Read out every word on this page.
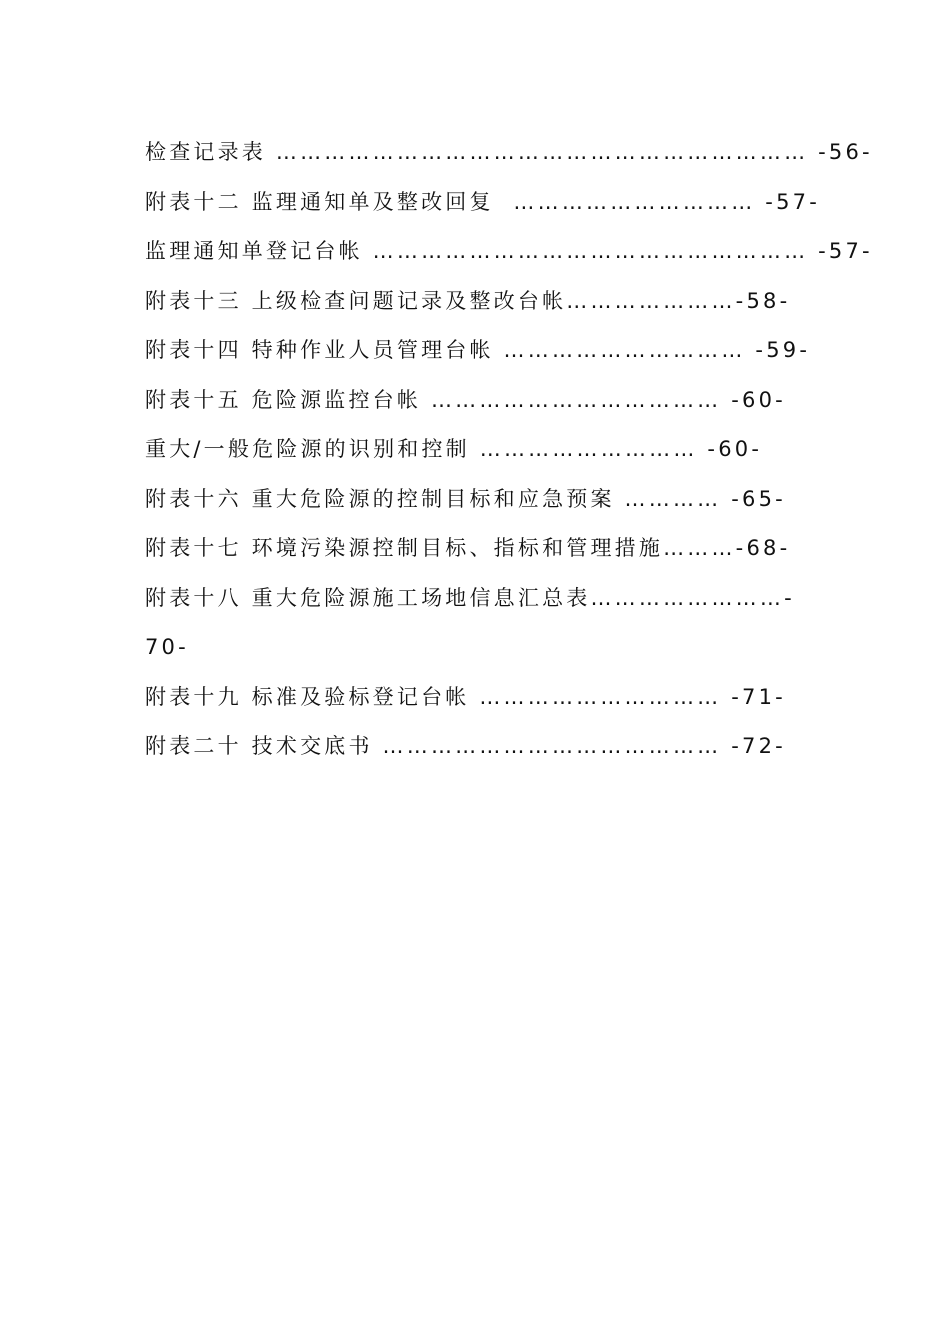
检查记录表 ………………………………………………………… -56-
附表十二 监理通知单及整改回复  ………………………… -57-
监理通知单登记台帐 ……………………………………………… -57-
附表十三 上级检查问题记录及整改台帐…………………-58-
附表十四 特种作业人员管理台帐 ………………………… -59-
附表十五 危险源监控台帐 ……………………………… -60-
重大/一般危险源的识别和控制 ……………………… -60-
附表十六 重大危险源的控制目标和应急预案 ………… -65-
附表十七 环境污染源控制目标、指标和管理措施………-68-
附表十八 重大危险源施工场地信息汇总表……………………-
70-
附表十九 标准及验标登记台帐 ………………………… -71-
附表二十 技术交底书 …………………………………… -72-
